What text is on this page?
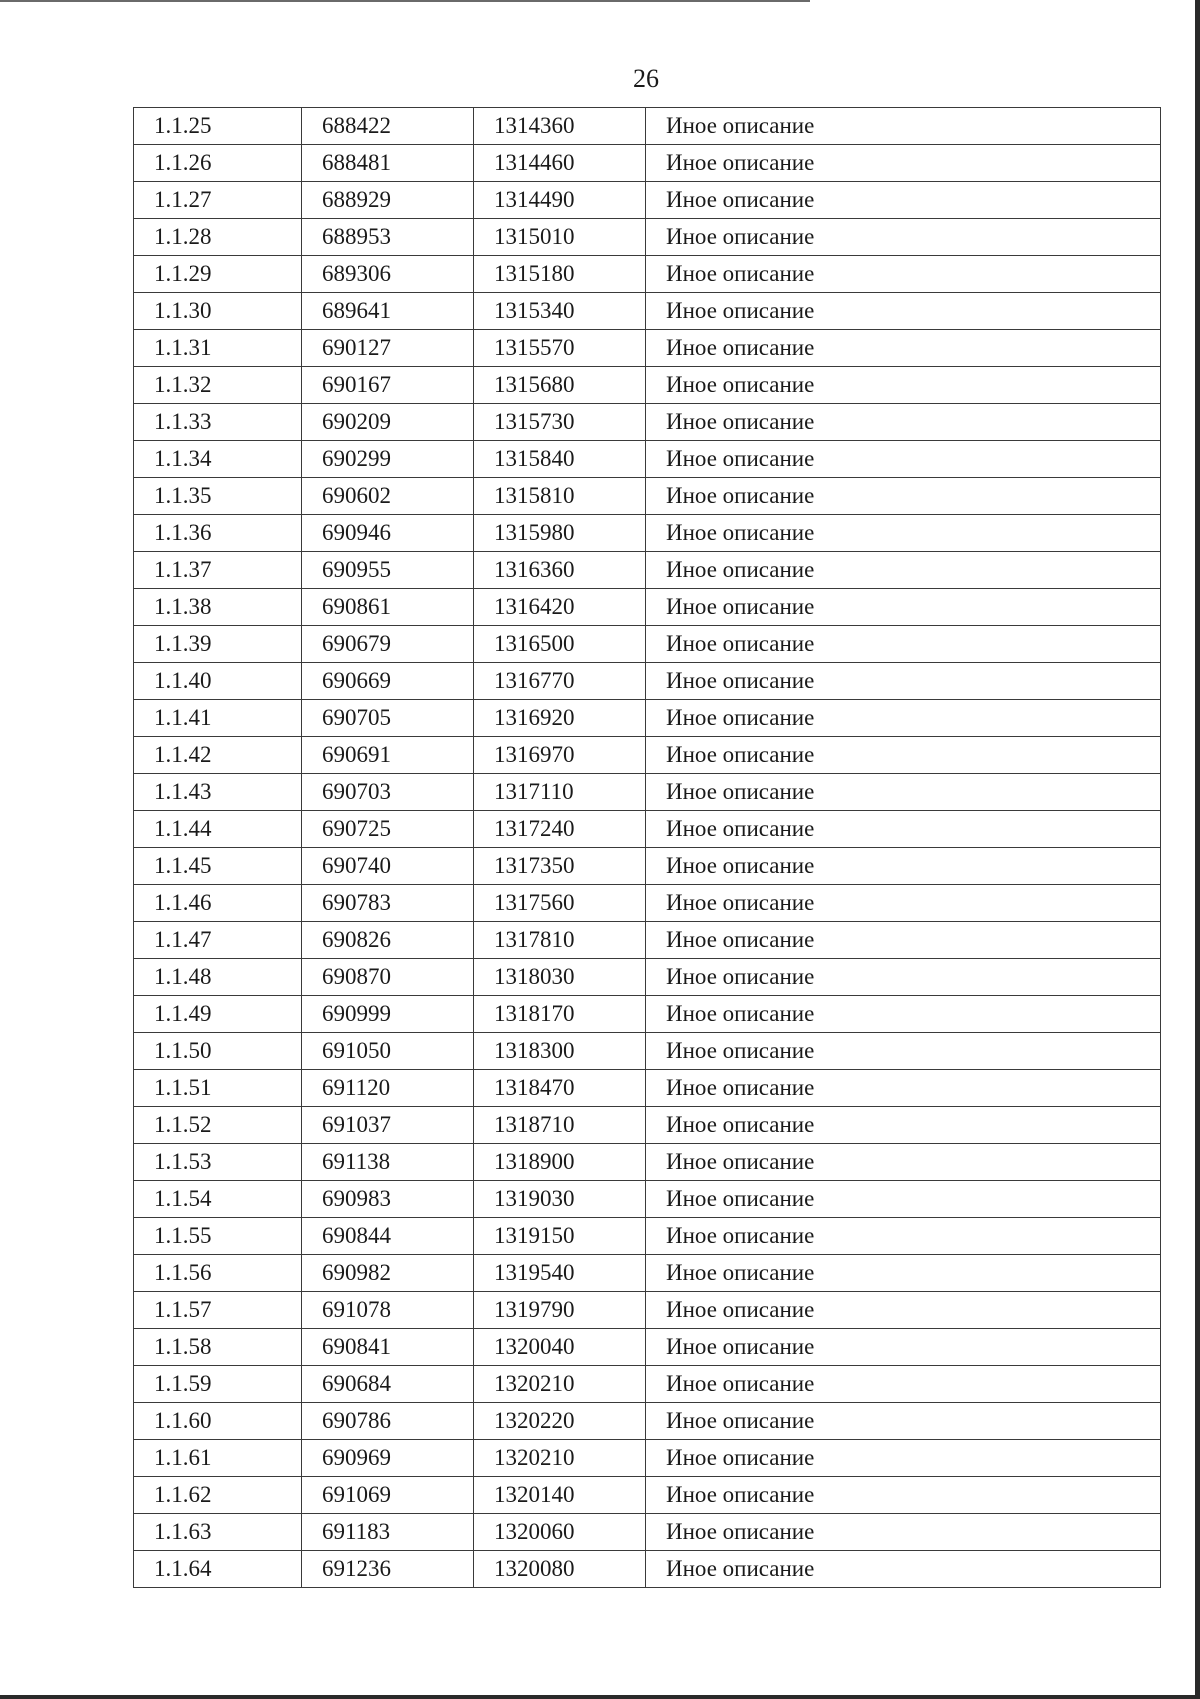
26
1.1.25	688422	1314360	Иное описание
1.1.26	688481	1314460	Иное описание
1.1.27	688929	1314490	Иное описание
1.1.28	688953	1315010	Иное описание
1.1.29	689306	1315180	Иное описание
1.1.30	689641	1315340	Иное описание
1.1.31	690127	1315570	Иное описание
1.1.32	690167	1315680	Иное описание
1.1.33	690209	1315730	Иное описание
1.1.34	690299	1315840	Иное описание
1.1.35	690602	1315810	Иное описание
1.1.36	690946	1315980	Иное описание
1.1.37	690955	1316360	Иное описание
1.1.38	690861	1316420	Иное описание
1.1.39	690679	1316500	Иное описание
1.1.40	690669	1316770	Иное описание
1.1.41	690705	1316920	Иное описание
1.1.42	690691	1316970	Иное описание
1.1.43	690703	1317110	Иное описание
1.1.44	690725	1317240	Иное описание
1.1.45	690740	1317350	Иное описание
1.1.46	690783	1317560	Иное описание
1.1.47	690826	1317810	Иное описание
1.1.48	690870	1318030	Иное описание
1.1.49	690999	1318170	Иное описание
1.1.50	691050	1318300	Иное описание
1.1.51	691120	1318470	Иное описание
1.1.52	691037	1318710	Иное описание
1.1.53	691138	1318900	Иное описание
1.1.54	690983	1319030	Иное описание
1.1.55	690844	1319150	Иное описание
1.1.56	690982	1319540	Иное описание
1.1.57	691078	1319790	Иное описание
1.1.58	690841	1320040	Иное описание
1.1.59	690684	1320210	Иное описание
1.1.60	690786	1320220	Иное описание
1.1.61	690969	1320210	Иное описание
1.1.62	691069	1320140	Иное описание
1.1.63	691183	1320060	Иное описание
1.1.64	691236	1320080	Иное описание
